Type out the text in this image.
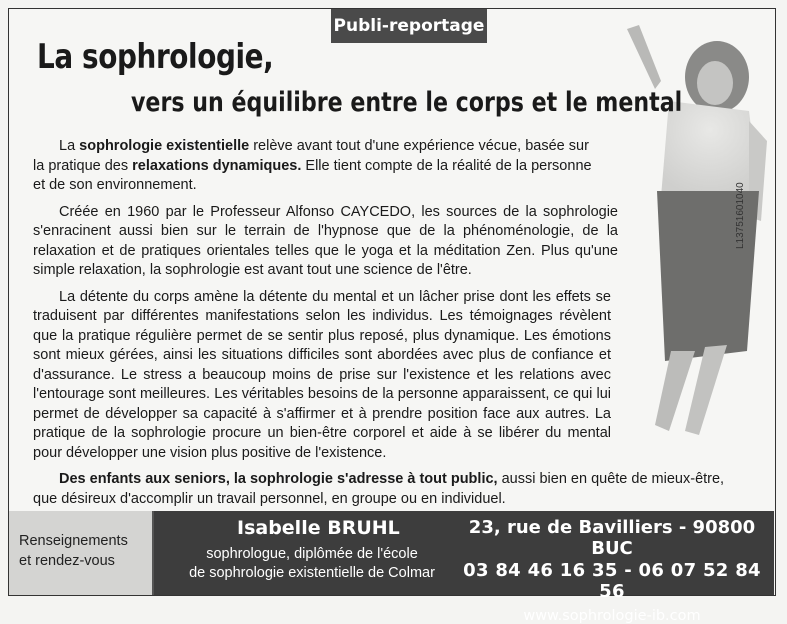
Publi-reportage
L13751601040
La sophrologie,
vers un équilibre entre le corps et le mental

La sophrologie existentielle relève avant tout d'une expérience vécue, basée sur la pratique des relaxations dynamiques. Elle tient compte de la réalité de la personne et de son environnement.

Créée en 1960 par le Professeur Alfonso CAYCEDO, les sources de la sophrologie s'enracinent aussi bien sur le terrain de l'hypnose que de la phénoménologie, de la relaxation et de pratiques orientales telles que le yoga et la méditation Zen. Plus qu'une simple relaxation, la sophrologie est avant tout une science de l'être.

La détente du corps amène la détente du mental et un lâcher prise dont les effets se traduisent par différentes manifestations selon les individus. Les témoignages révèlent que la pratique régulière permet de se sentir plus reposé, plus dynamique. Les émotions sont mieux gérées, ainsi les situations difficiles sont abordées avec plus de confiance et d'assurance. Le stress a beaucoup moins de prise sur l'existence et les relations avec l'entourage sont meilleures. Les véritables besoins de la personne apparaissent, ce qui lui permet de développer sa capacité à s'affirmer et à prendre position face aux autres. La pratique de la sophrologie procure un bien-être corporel et aide à se libérer du mental pour développer une vision plus positive de l'existence.

Des enfants aux seniors, la sophrologie s'adresse à tout public, aussi bien en quête de mieux-être, que désireux d'accomplir un travail personnel, en groupe ou en individuel.

Renseignements
et rendez-vous
Isabelle BRUHL
sophrologue, diplômée de l'école
de sophrologie existentielle de Colmar
23, rue de Bavilliers - 90800 BUC
03 84 46 16 35 - 06 07 52 84 56
www.sophrologie-ib.com
